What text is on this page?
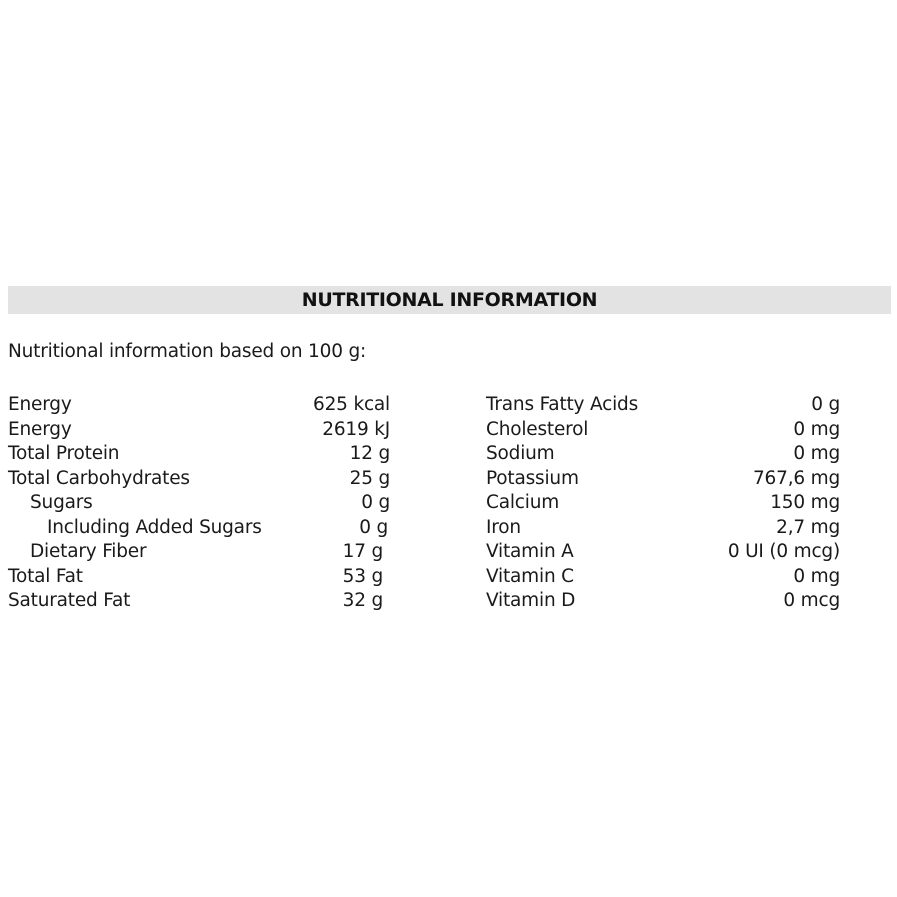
NUTRITIONAL INFORMATION
Nutritional information based on 100 g:
Energy	625 kcal
Energy	2619 kJ
Total Protein	12 g
Total Carbohydrates	25 g
Sugars	0 g
Including Added Sugars	0 g
Dietary Fiber	17 g
Total Fat	53 g
Saturated Fat	32 g
Trans Fatty Acids	0 g
Cholesterol	0 mg
Sodium	0 mg
Potassium	767,6 mg
Calcium	150 mg
Iron	2,7 mg
Vitamin A	0 UI (0 mcg)
Vitamin C	0 mg
Vitamin D	0 mcg
